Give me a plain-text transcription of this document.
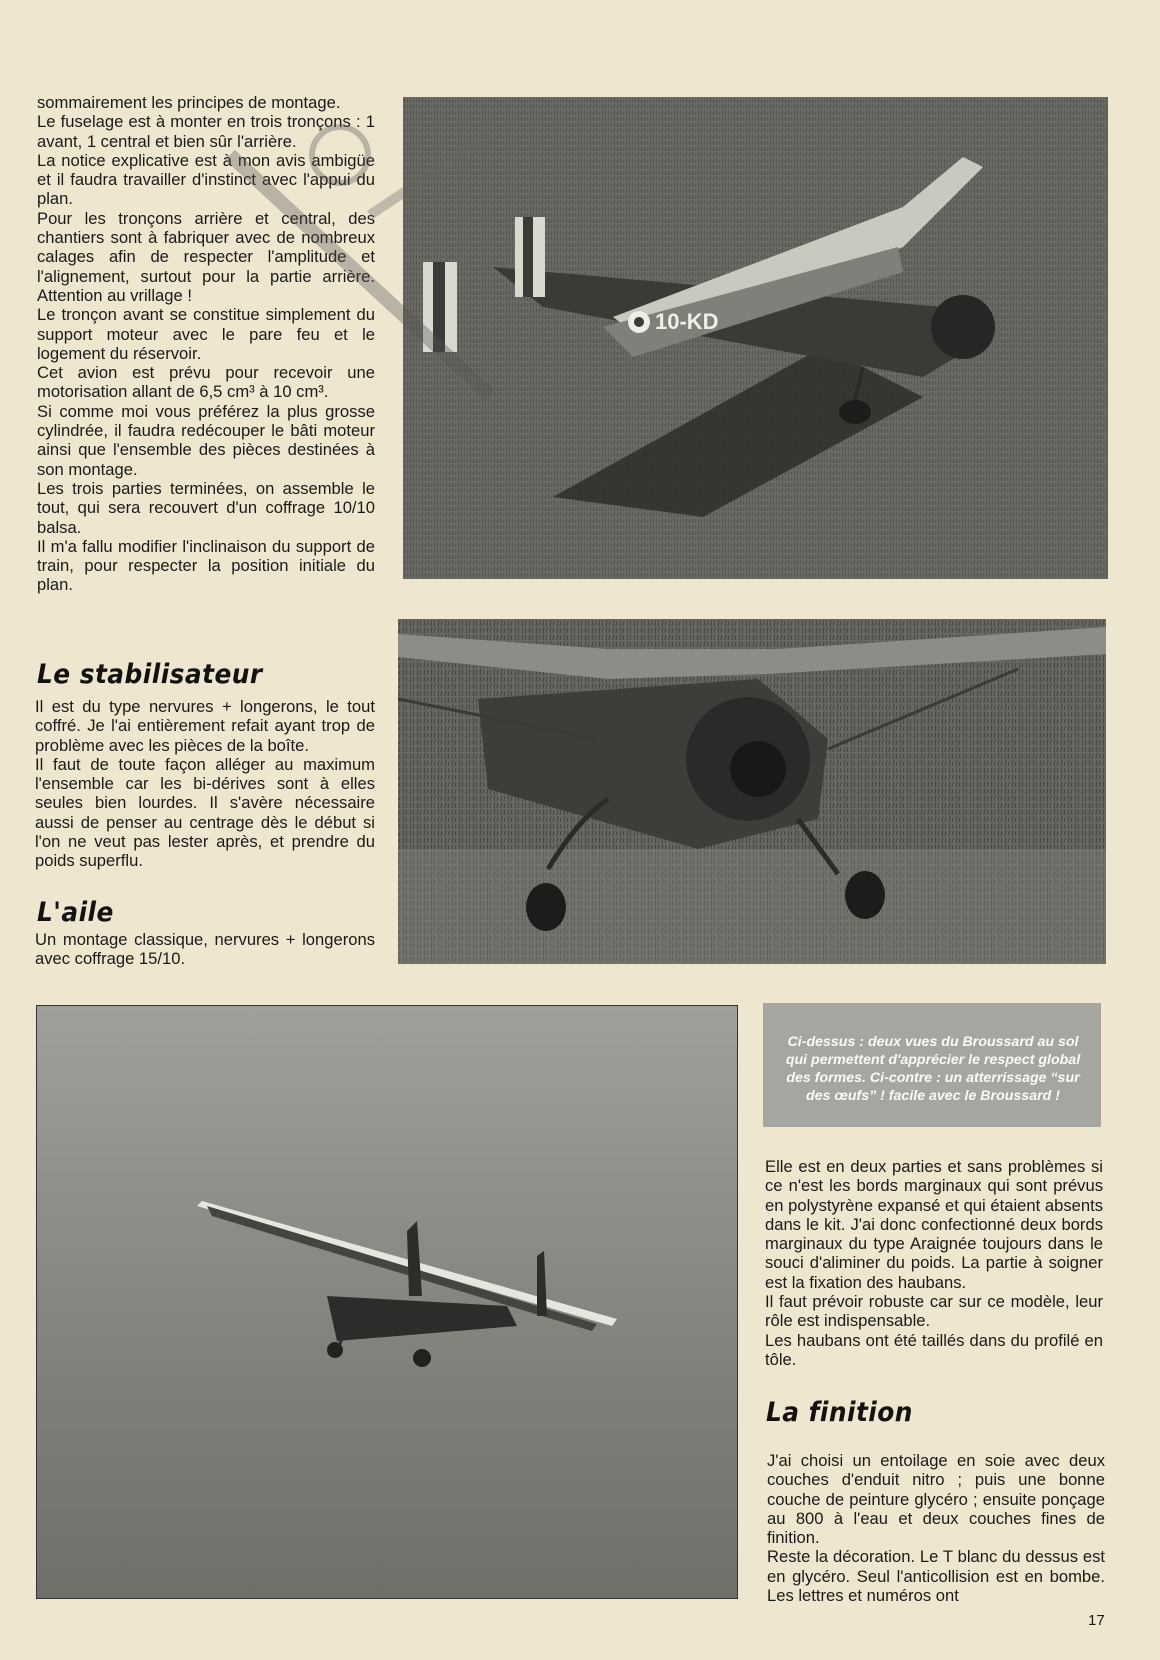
sommairement les principes de montage.

Le fuselage est à monter en trois tronçons : 1 avant, 1 central et bien sûr l'arrière.

La notice explicative est à mon avis ambigüe et il faudra travailler d'instinct avec l'appui du plan.

Pour les tronçons arrière et central, des chantiers sont à fabriquer avec de nombreux calages afin de respecter l'amplitude et l'alignement, surtout pour la partie arrière. Attention au vrillage !

Le tronçon avant se constitue simplement du support moteur avec le pare feu et le logement du réservoir.

Cet avion est prévu pour recevoir une motorisation allant de 6,5 cm³ à 10 cm³.

Si comme moi vous préférez la plus grosse cylindrée, il faudra redécouper le bâti moteur ainsi que l'ensemble des pièces destinées à son montage.

Les trois parties terminées, on assemble le tout, qui sera recouvert d'un coffrage 10/10 balsa.

Il m'a fallu modifier l'inclinaison du support de train, pour respecter la position initiale du plan.

Le stabilisateur

Il est du type nervures + longerons, le tout coffré. Je l'ai entièrement refait ayant trop de problème avec les pièces de la boîte.

Il faut de toute façon alléger au maximum l'ensemble car les bi-dérives sont à elles seules bien lourdes. Il s'avère nécessaire aussi de penser au centrage dès le début si l'on ne veut pas lester après, et prendre du poids superflu.

L'aile

Un montage classique, nervures + longerons avec coffrage 15/10.

10-KD

Ci-dessus : deux vues du Broussard au sol qui permettent d'apprécier le respect global des formes. Ci-contre : un atterrissage “sur des œufs” ! facile avec le Broussard !

Elle est en deux parties et sans problèmes si ce n'est les bords marginaux qui sont prévus en polystyrène expansé et qui étaient absents dans le kit. J'ai donc confectionné deux bords marginaux du type Araignée toujours dans le souci d'aliminer du poids. La partie à soigner est la fixation des haubans.

Il faut prévoir robuste car sur ce modèle, leur rôle est indispensable.

Les haubans ont été taillés dans du profilé en tôle.

La finition

J'ai choisi un entoilage en soie avec deux couches d'enduit nitro ; puis une bonne couche de peinture glycéro ; ensuite ponçage au 800 à l'eau et deux couches fines de finition.

Reste la décoration. Le T blanc du dessus est en glycéro. Seul l'anticollision est en bombe. Les lettres et numéros ont

17
